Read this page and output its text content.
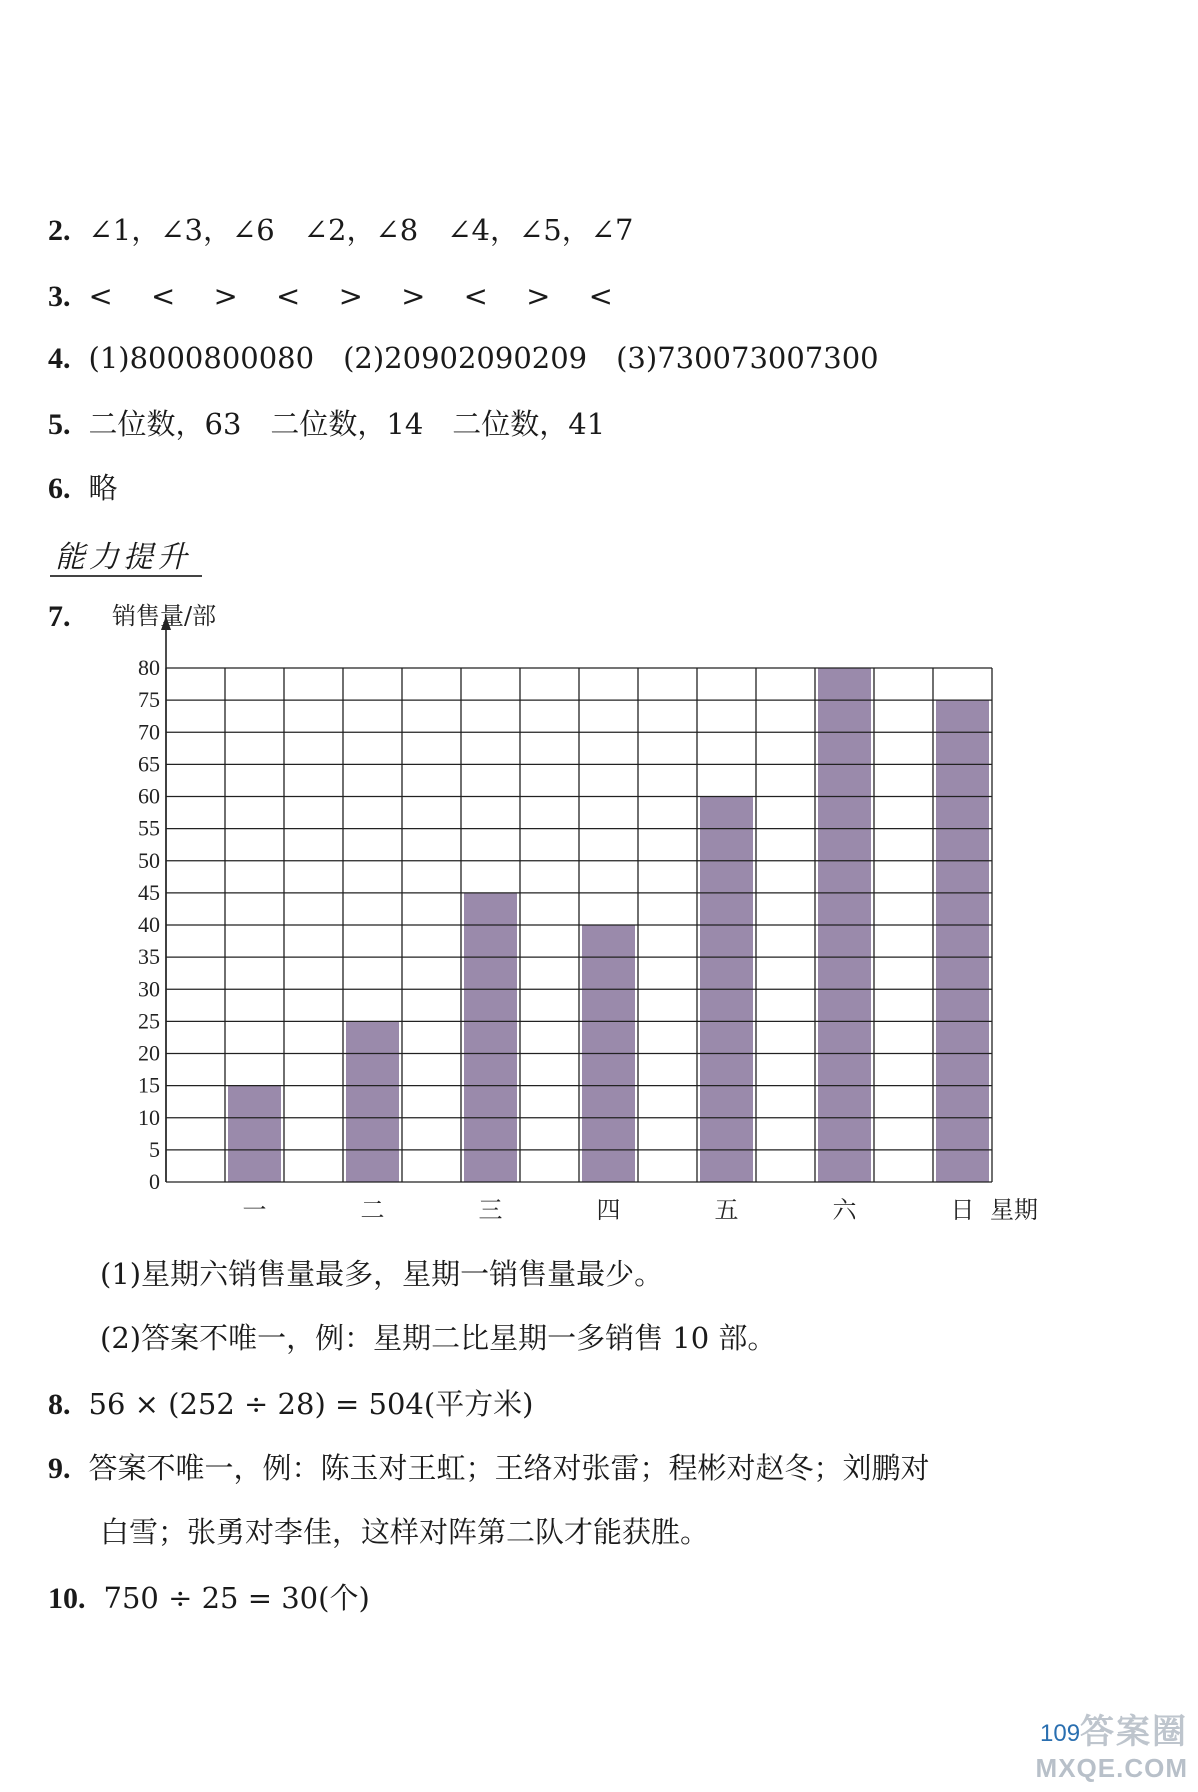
2. ∠1，∠3，∠6　∠2，∠8　∠4，∠5，∠7
3. <　 <　 >　 <　 >　 >　 <　 >　 <
4. (1)8000800080　(2)20902090209　(3)730073007300
5. 二位数，63　二位数，14　二位数，41
6. 略
能力提升
7.
0
5
10
15
20
25
30
35
40
45
50
55
60
65
70
75
80
一	二	三	四	五	六	日 星期
销售量/部
(1)星期六销售量最多，星期一销售量最少。
(2)答案不唯一，例：星期二比星期一多销售 10 部。
8. 56 × (252 ÷ 28) = 504(平方米)
9. 答案不唯一，例：陈玉对王虹；王络对张雷；程彬对赵冬；刘鹏对
白雪；张勇对李佳，这样对阵第二队才能获胜。
10. 750 ÷ 25 = 30(个)
109 答案圈
MXQE.COM
